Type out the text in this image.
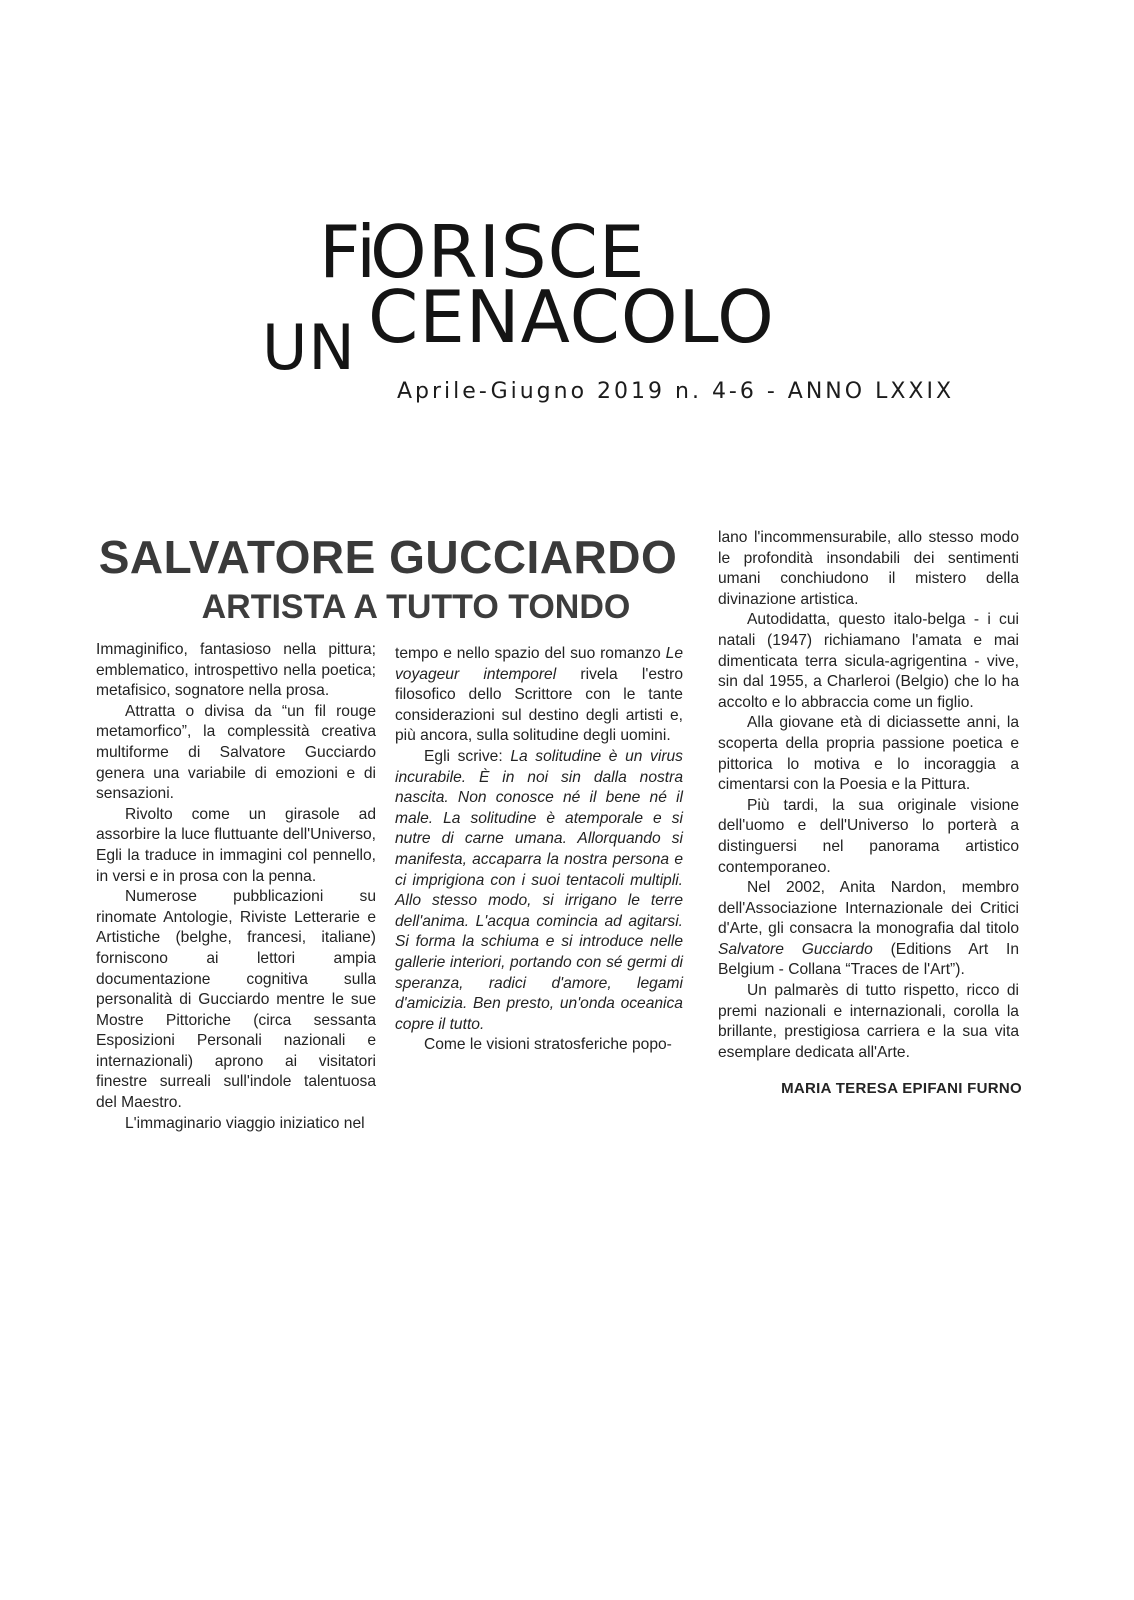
Fi
ORISCE
CENACOLO
UN
Aprile-Giugno 2019 n. 4-6 - ANNO LXXIX
SALVATORE GUCCIARDO
ARTISTA A TUTTO TONDO

Immaginifico, fantasioso nella pittura; emblematico, introspettivo nella poetica; metafisico, sognatore nella prosa.

Attratta o divisa da “un fil rouge metamorfico”, la complessità creativa multiforme di Salvatore Gucciardo genera una variabile di emozioni e di sensazioni.

Rivolto come un girasole ad assorbire la luce fluttuante dell'Universo, Egli la traduce in immagini col pennello, in versi e in prosa con la penna.

Numerose pubblicazioni su rinomate Antologie, Riviste Letterarie e Artistiche (belghe, francesi, italiane) forniscono ai lettori ampia documentazione cognitiva sulla personalità di Gucciardo mentre le sue Mostre Pittoriche (circa sessanta Esposizioni Personali nazionali e internazionali) aprono ai visitatori finestre surreali sull'indole talentuosa del Maestro.

L'immaginario viaggio iniziatico nel

tempo e nello spazio del suo romanzo Le voyageur intemporel rivela l'estro filosofico dello Scrittore con le tante considerazioni sul destino degli artisti e, più ancora, sulla solitudine degli uomini.

Egli scrive: La solitudine è un virus incurabile. È in noi sin dalla nostra nascita. Non conosce né il bene né il male. La solitudine è atemporale e si nutre di carne umana. Allorquando si manifesta, accaparra la nostra persona e ci imprigiona con i suoi tentacoli multipli. Allo stesso modo, si irrigano le terre dell'anima. L'acqua comincia ad agitarsi. Si forma la schiuma e si introduce nelle gallerie interiori, portando con sé germi di speranza, radici d'amore, legami d'amicizia. Ben presto, un'onda oceanica copre il tutto.

Come le visioni stratosferiche popo-

lano l'incommensurabile, allo stesso modo le profondità insondabili dei sentimenti umani conchiudono il mistero della divinazione artistica.

Autodidatta, questo italo-belga - i cui natali (1947) richiamano l'amata e mai dimenticata terra sicula-agrigentina - vive, sin dal 1955, a Charleroi (Belgio) che lo ha accolto e lo abbraccia come un figlio.

Alla giovane età di diciassette anni, la scoperta della propria passione poetica e pittorica lo motiva e lo incoraggia a cimentarsi con la Poesia e la Pittura.

Più tardi, la sua originale visione dell'uomo e dell'Universo lo porterà a distinguersi nel panorama artistico contemporaneo.

Nel 2002, Anita Nardon, membro dell'Associazione Internazionale dei Critici d'Arte, gli consacra la monografia dal titolo Salvatore Gucciardo (Editions Art In Belgium - Collana “Traces de l'Art”).

Un palmarès di tutto rispetto, ricco di premi nazionali e internazionali, corolla la brillante, prestigiosa carriera e la sua vita esemplare dedicata all'Arte.

MARIA TERESA EPIFANI FURNO
